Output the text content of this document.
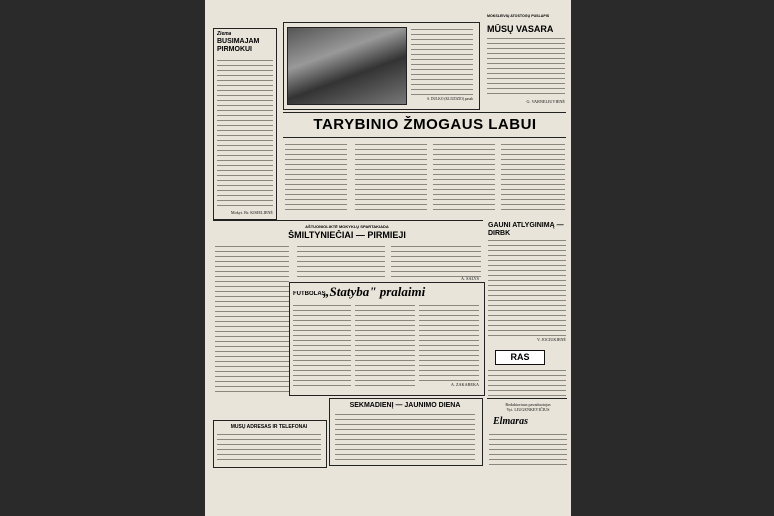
Žiema
BŪSIMAJAM PIRMOKUI
Mokyt. Br. KISIELIENĖ
S. DULKO (KLIŪDŽIO) pasak
MOKSLEIVIŲ ATOSTOGŲ PUSLAPIS
MŪSŲ VASARA
G. VARNELIUVIENĖ
TARYBINIO ŽMOGAUS LABUI
AŠTUONIOLIKTĖ MOKYKLŲ SPARTAKIADA
ŠMILTYNIEČIAI — PIRMIEJI
A. ŠALYS
FUTBOLAS
„Statyba" pralaimi
A. ZAKAREKA
GAUNI ATLYGINIMĄ — DIRBK
V. JOCIUKIENĖ
RAS
SEKMADIENĮ — JAUNIMO DIENA
MŪSŲ ADRESAS IR TELEFONAI
Redaktoriaus pavaduotojas
Vyt. LIUGENKEVIČIUS
Elmaras
